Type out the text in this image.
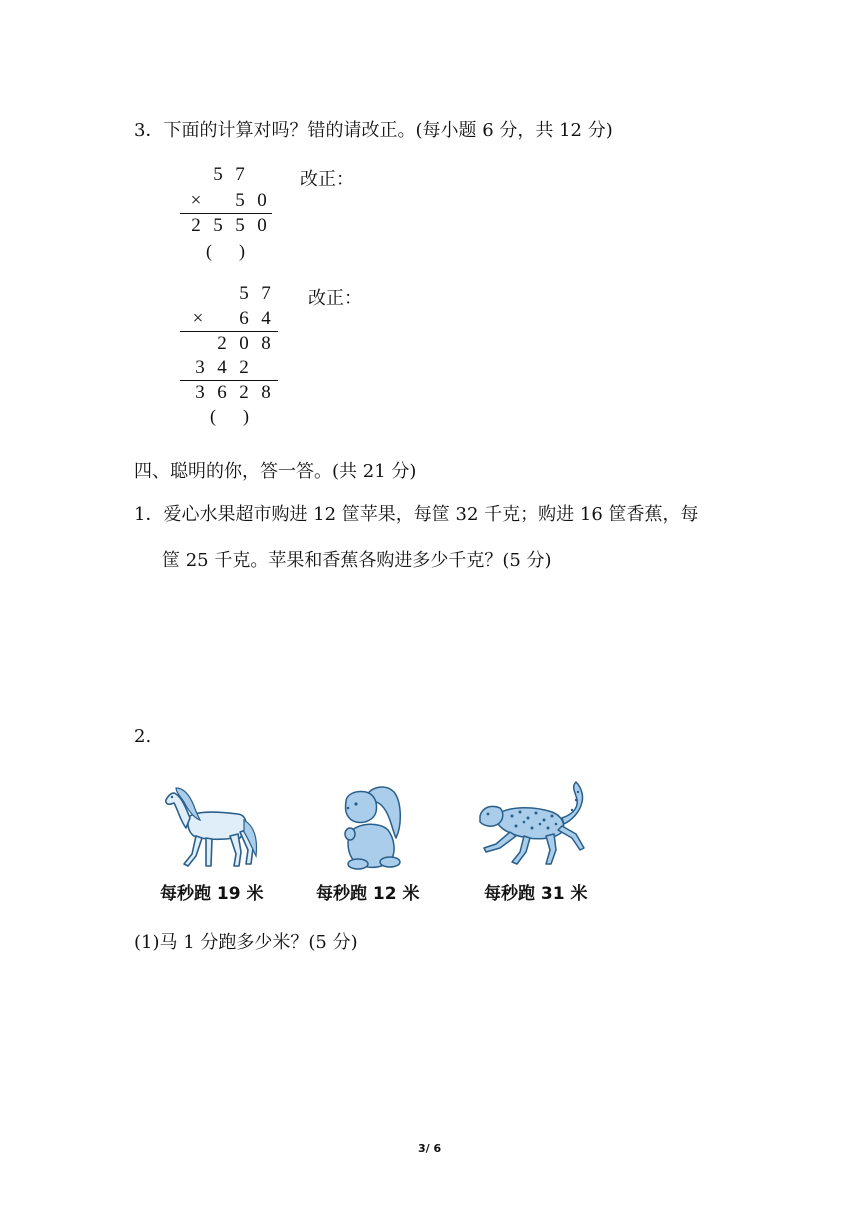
3．下面的计算对吗？错的请改正。(每小题 6 分，共 12 分)
5 7
× 5 0
2 5 5 0
(      )
改正：
5 7
× 6 4
2 0 8
3 4 2
3 6 2 8
(      )
改正：
四、聪明的你，答一答。(共 21 分)
1．爱心水果超市购进 12 筐苹果，每筐 32 千克；购进 16 筐香蕉，每
筐 25 千克。苹果和香蕉各购进多少千克？(5 分)
2.
每秒跑 19 米	每秒跑 12 米	每秒跑 31 米
(1)马 1 分跑多少米？(5 分)
3/ 6
